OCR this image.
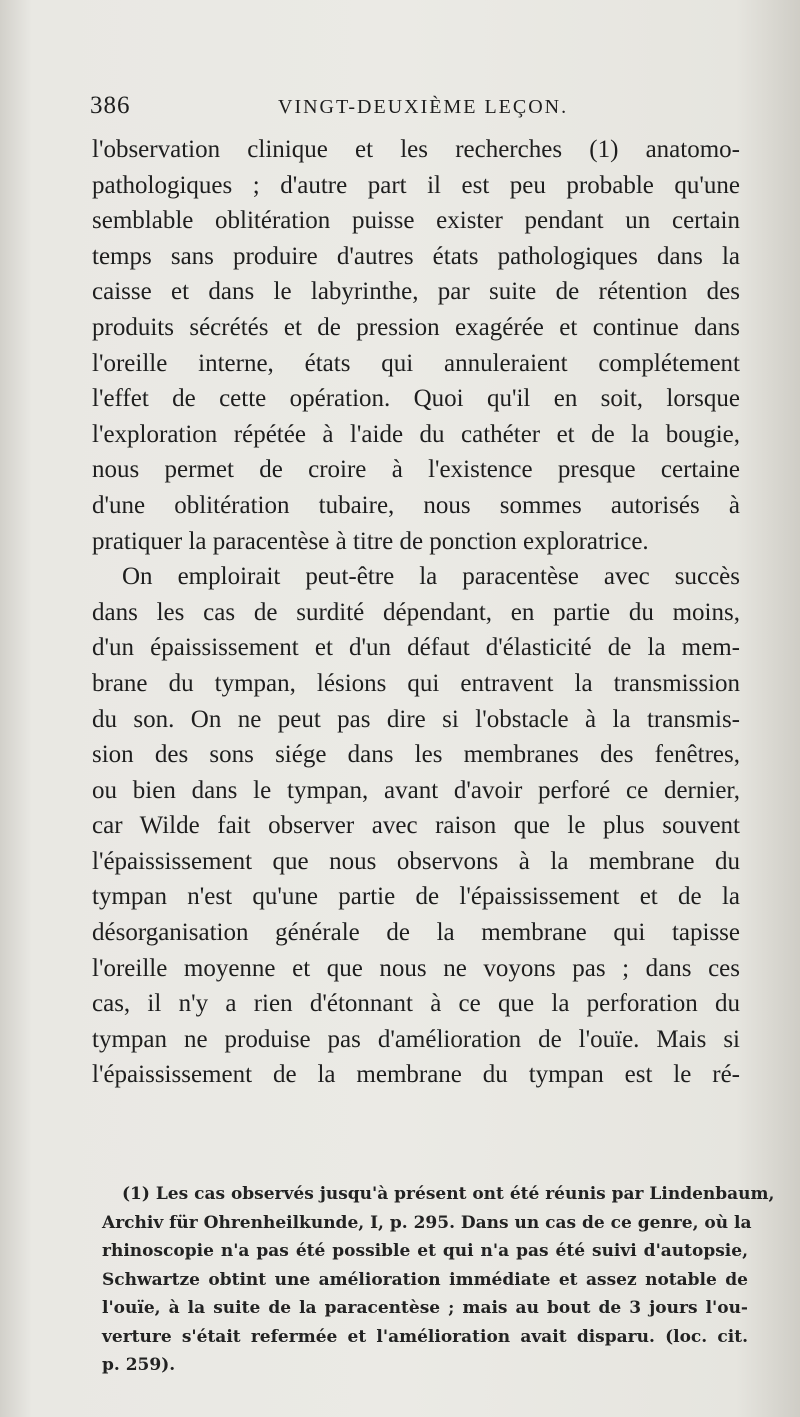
386	VINGT-DEUXIÈME LEÇON.
l'observation clinique et les recherches (1) anatomo-
pathologiques ; d'autre part il est peu probable qu'une
semblable oblitération puisse exister pendant un certain
temps sans produire d'autres états pathologiques dans la
caisse et dans le labyrinthe, par suite de rétention des
produits sécrétés et de pression exagérée et continue dans
l'oreille interne, états qui annuleraient complétement
l'effet de cette opération. Quoi qu'il en soit, lorsque
l'exploration répétée à l'aide du cathéter et de la bougie,
nous permet de croire à l'existence presque certaine
d'une oblitération tubaire, nous sommes autorisés à
pratiquer la paracentèse à titre de ponction exploratrice.
On emploirait peut-être la paracentèse avec succès
dans les cas de surdité dépendant, en partie du moins,
d'un épaississement et d'un défaut d'élasticité de la mem-
brane du tympan, lésions qui entravent la transmission
du son. On ne peut pas dire si l'obstacle à la transmis-
sion des sons siége dans les membranes des fenêtres,
ou bien dans le tympan, avant d'avoir perforé ce dernier,
car Wilde fait observer avec raison que le plus souvent
l'épaississement que nous observons à la membrane du
tympan n'est qu'une partie de l'épaississement et de la
désorganisation générale de la membrane qui tapisse
l'oreille moyenne et que nous ne voyons pas ; dans ces
cas, il n'y a rien d'étonnant à ce que la perforation du
tympan ne produise pas d'amélioration de l'ouïe. Mais si
l'épaississement de la membrane du tympan est le ré-
(1) Les cas observés jusqu'à présent ont été réunis par Lindenbaum,
Archiv für Ohrenheilkunde, I, p. 295. Dans un cas de ce genre, où la
rhinoscopie n'a pas été possible et qui n'a pas été suivi d'autopsie,
Schwartze obtint une amélioration immédiate et assez notable de
l'ouïe, à la suite de la paracentèse ; mais au bout de 3 jours l'ou-
verture s'était refermée et l'amélioration avait disparu. (loc. cit.
p. 259).
